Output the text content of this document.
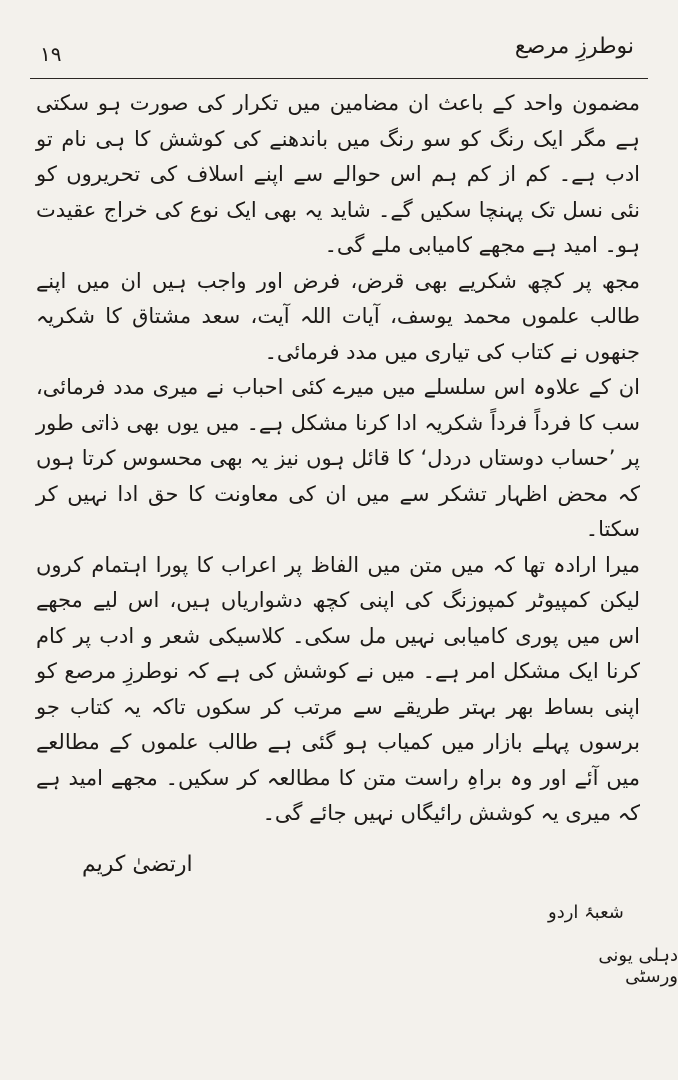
۱۹	نوطرزِ مرصع

مضمون واحد کے باعث ان مضامین میں تکرار کی صورت ہو سکتی ہے مگر ایک رنگ کو سو رنگ میں باندھنے کی کوشش کا ہی نام تو ادب ہے۔ کم از کم ہم اس حوالے سے اپنے اسلاف کی تحریروں کو نئی نسل تک پہنچا سکیں گے۔ شاید یہ بھی ایک نوع کی خراج عقیدت ہو۔ امید ہے مجھے کامیابی ملے گی۔

مجھ پر کچھ شکریے بھی قرض، فرض اور واجب ہیں ان میں اپنے طالب علموں محمد یوسف، آیات اللہ آیت، سعد مشتاق کا شکریہ جنھوں نے کتاب کی تیاری میں مدد فرمائی۔

ان کے علاوہ اس سلسلے میں میرے کئی احباب نے میری مدد فرمائی، سب کا فرداً فرداً شکریہ ادا کرنا مشکل ہے۔ میں یوں بھی ذاتی طور پر ’حساب دوستاں دردل‘ کا قائل ہوں نیز یہ بھی محسوس کرتا ہوں کہ محض اظہار تشکر سے میں ان کی معاونت کا حق ادا نہیں کر سکتا۔

میرا ارادہ تھا کہ میں متن میں الفاظ پر اعراب کا پورا اہتمام کروں لیکن کمپیوٹر کمپوزنگ کی اپنی کچھ دشواریاں ہیں، اس لیے مجھے اس میں پوری کامیابی نہیں مل سکی۔ کلاسیکی شعر و ادب پر کام کرنا ایک مشکل امر ہے۔ میں نے کوشش کی ہے کہ نوطرزِ مرصع کو اپنی بساط بھر بہتر طریقے سے مرتب کر سکوں تاکہ یہ کتاب جو برسوں پہلے بازار میں کمیاب ہو گئی ہے طالب علموں کے مطالعے میں آئے اور وہ براہِ راست متن کا مطالعہ کر سکیں۔ مجھے امید ہے کہ میری یہ کوشش رائیگاں نہیں جائے گی۔

ارتضیٰ کریم
شعبۂ اردو
دہلی یونی ورسٹی
